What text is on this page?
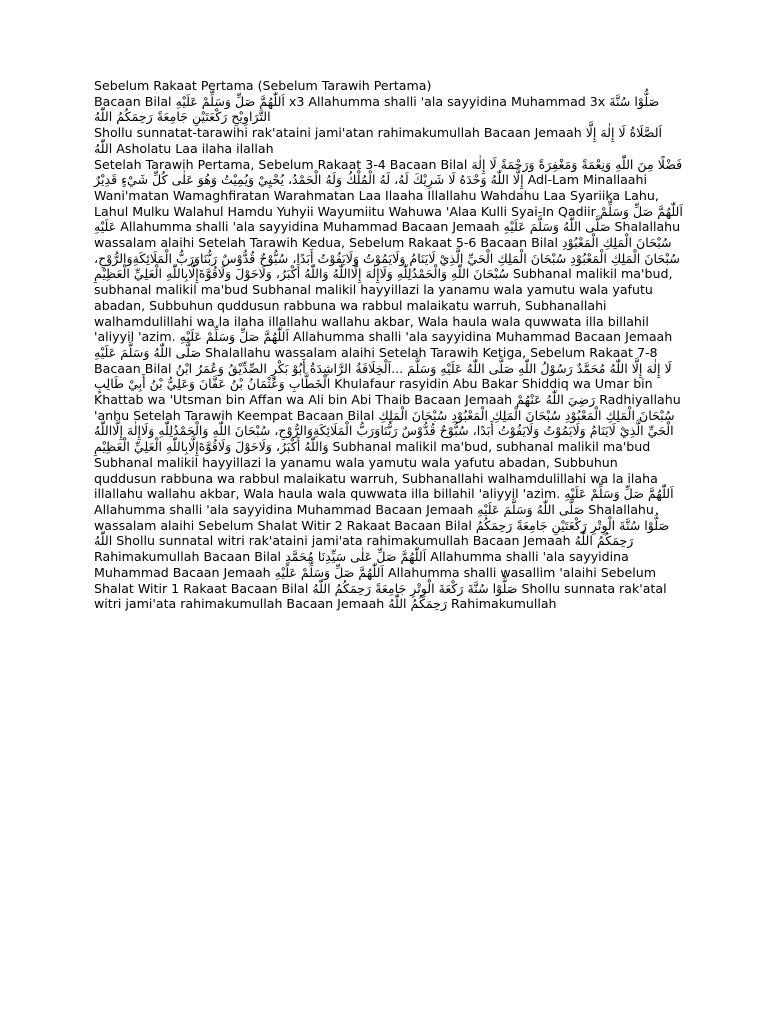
Sebelum Rakaat Pertama (Sebelum Tarawih Pertama)

Bacaan Bilal اَللّٰهُمَّ صَلِّ وَسَلِّمْ عَلَيْهِ x3 Allahumma shalli 'ala sayyidina Muhammad 3x صَلُّوْا سُنَّةَ التَّرَاوِيْحِ رَكْعَتَيْنِ جَامِعَةً رَحِمَكُمُ اللّٰهُ

Shollu sunnatat-tarawihi rak'ataini jami'atan rahimakumullah Bacaan Jemaah اَلصَّلَاةُ لَا إِلٰهَ إِلَّا اللّٰهُ Asholatu Laa ilaha ilallah

Setelah Tarawih Pertama, Sebelum Rakaat 3-4 Bacaan Bilal فَضْلًا مِنَ اللّٰهِ وَنِعْمَةً وَمَغْفِرَةً وَرَحْمَةً لَا إِلٰهَ إِلَّا اللّٰهُ وَحْدَهُ لَا شَرِيْكَ لَهُ، لَهُ الْمُلْكُ وَلَهُ الْحَمْدُ، يُحْيِيْ وَيُمِيْتُ وَهُوَ عَلٰى كُلِّ شَيْءٍ قَدِيْرٌ Adl-Lam Minallaahi Wani'matan Wamaghfiratan Warahmatan Laa Ilaaha Illallahu Wahdahu Laa Syariika Lahu, Lahul Mulku Walahul Hamdu Yuhyii Wayumiitu Wahuwa 'Alaa Kulli Syai-In Qadiir اَللّٰهُمَّ صَلِّ وَسَلِّمْ عَلَيْهِ Allahumma shalli 'ala sayyidina Muhammad Bacaan Jemaah صَلَّى اللّٰهُ وَسَلَّمَ عَلَيْهِ Shalallahu wassalam alaihi Setelah Tarawih Kedua, Sebelum Rakaat 5-6 Bacaan Bilal سُبْحَانَ الْمَلِكِ الْمَعْبُوْدِ سُبْحَانَ الْمَلِكِ الْمَعْبُوْدِ سُبْحَانَ الْمَلِكِ الْحَيِّ الَّذِيْ لَايَنَامُ وَلَايَمُوْتُ وَلَايَفُوْتُ أَبَدًا، سُبُّوْحٌ قُدُّوْسٌ رَبُّنَاوَرَبُّ الْمَلَائِكَةِوَالرُّوْحِ، سُبْحَانَ اللّٰهِ وَالْحَمْدُلِلّٰهِ وَلَاإِلٰهَ إِلَّااللّٰهُ وَاللّٰهُ أَكْبَرُ، وَلَاحَوْلَ وَلَاقُوَّةَإِلَّابِاللّٰهِ الْعَلِيِّ الْعَظِيْمِ Subhanal malikil ma'bud, subhanal malikil ma'bud Subhanal malikil hayyillazi la yanamu wala yamutu wala yafutu abadan, Subbuhun quddusun rabbuna wa rabbul malaikatu warruh, Subhanallahi walhamdulillahi wa la ilaha illallahu wallahu akbar, Wala haula wala quwwata illa billahil 'aliyyil 'azim. اَللّٰهُمَّ صَلِّ وَسَلِّمْ عَلَيْهِ Allahumma shalli 'ala sayyidina Muhammad Bacaan Jemaah صَلَّى اللّٰهُ وَسَلَّمَ عَلَيْهِ Shalallahu wassalam alaihi Setelah Tarawih Ketiga, Sebelum Rakaat 7-8 Bacaan Bilal لَا إِلٰهَ إِلَّا اللّٰهُ مُحَمَّدٌ رَسُوْلُ اللّٰهِ صَلَّى اللّٰهُ عَلَيْهِ وَسَلَّمَ ...اَلْخِلَافَةُ الرَّاشِدَةُ أَبُوْ بَكْرٍ الصِّدِّيْقُ وَعُمَرُ ابْنُ الْخَطَّابِ وَعُثْمَانُ بْنُ عَفَّانَ وَعَلِيُّ بْنُ أَبِيْ طَالِبٍ Khulafaur rasyidin Abu Bakar Shiddiq wa Umar bin Khattab wa 'Utsman bin Affan wa Ali bin Abi Thaib Bacaan Jemaah رَضِيَ اللّٰهُ عَنْهُمْ Radhiyallahu 'anhu Setelah Tarawih Keempat Bacaan Bilal سُبْحَانَ الْمَلِكِ الْمَعْبُوْدِ سُبْحَانَ الْمَلِكِ الْمَعْبُوْدِ سُبْحَانَ الْمَلِكِ الْحَيِّ الَّذِيْ لَايَنَامُ وَلَايَمُوْتُ وَلَايَفُوْتُ أَبَدًا، سُبُّوْحٌ قُدُّوْسٌ رَبُّنَاوَرَبُّ الْمَلَائِكَةِوَالرُّوْحِ، سُبْحَانَ اللّٰهِ وَالْحَمْدُلِلّٰهِ وَلَاإِلٰهَ إِلَّااللّٰهُ وَاللّٰهُ أَكْبَرُ، وَلَاحَوْلَ وَلَاقُوَّةَإِلَّابِاللّٰهِ الْعَلِيِّ الْعَظِيْمِ Subhanal malikil ma'bud, subhanal malikil ma'bud Subhanal malikil hayyillazi la yanamu wala yamutu wala yafutu abadan, Subbuhun quddusun rabbuna wa rabbul malaikatu warruh, Subhanallahi walhamdulillahi wa la ilaha illallahu wallahu akbar, Wala haula wala quwwata illa billahil 'aliyyil 'azim. اَللّٰهُمَّ صَلِّ وَسَلِّمْ عَلَيْهِ Allahumma shalli 'ala sayyidina Muhammad Bacaan Jemaah صَلَّى اللّٰهُ وَسَلَّمَ عَلَيْهِ Shalallahu wassalam alaihi Sebelum Shalat Witir 2 Rakaat Bacaan Bilal صَلُّوْا سُنَّةَ الْوِتْرِ رَكْعَتَيْنِ جَامِعَةً رَحِمَكُمُ اللّٰهُ Shollu sunnatal witri rak'ataini jami'ata rahimakumullah Bacaan Jemaah رَحِمَكُمُ اللّٰهُ Rahimakumullah Bacaan Bilal اَللّٰهُمَّ صَلِّ عَلٰى سَيِّدِنَا مُحَمَّدٍ Allahumma shalli 'ala sayyidina Muhammad Bacaan Jemaah اَللّٰهُمَّ صَلِّ وَسَلِّمْ عَلَيْهِ Allahumma shalli wasallim 'alaihi Sebelum Shalat Witir 1 Rakaat Bacaan Bilal صَلُّوْا سُنَّةَ رَكْعَةَ الْوِتْرِ جَامِعَةً رَحِمَكُمُ اللّٰهُ Shollu sunnata rak'atal witri jami'ata rahimakumullah Bacaan Jemaah رَحِمَكُمُ اللّٰهُ Rahimakumullah
